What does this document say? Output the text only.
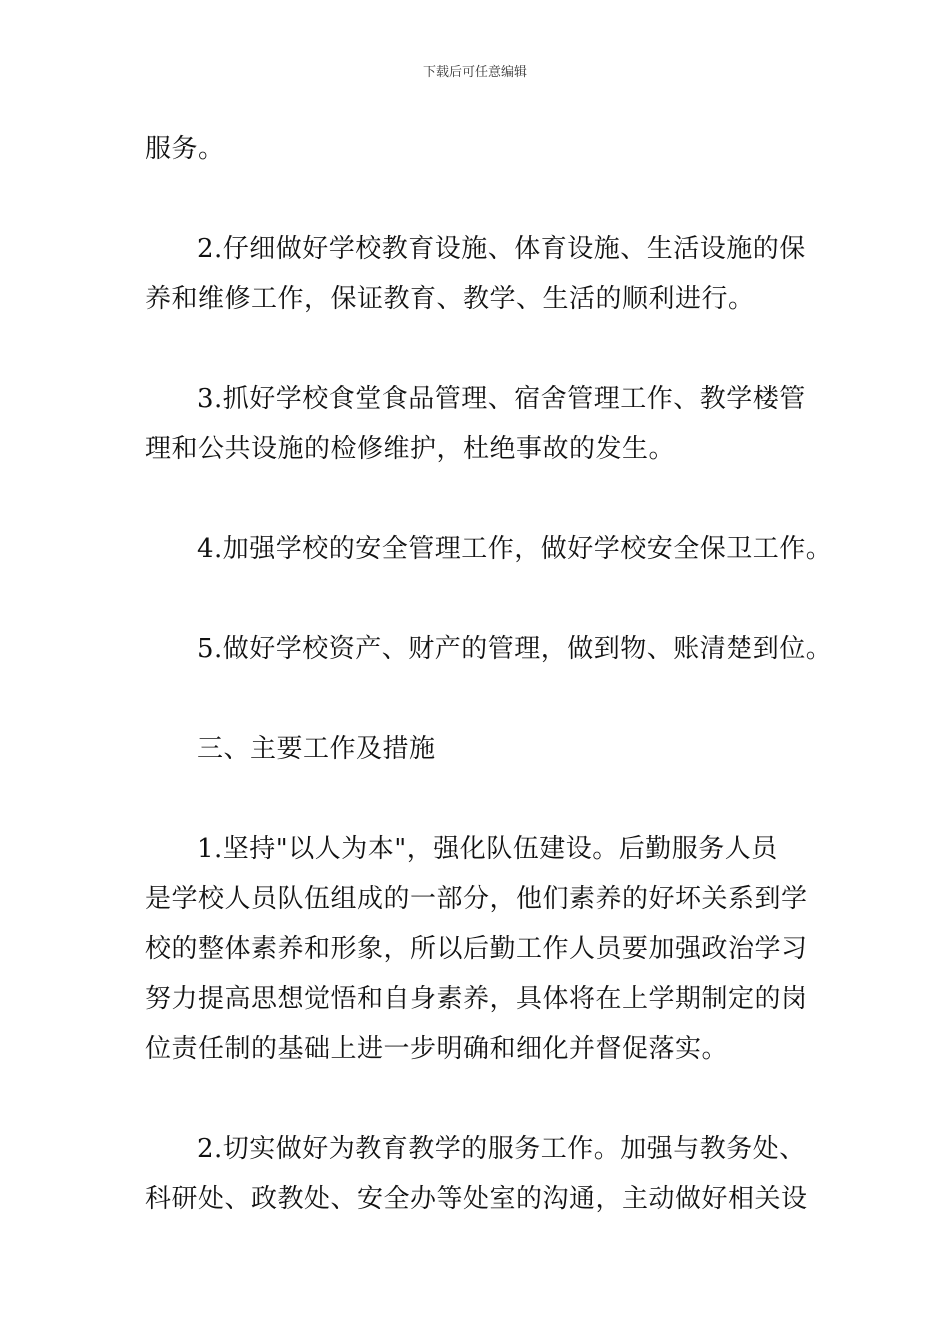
下载后可任意编辑

服务。

2.仔细做好学校教育设施、体育设施、生活设施的保
养和维修工作，保证教育、教学、生活的顺利进行。

3.抓好学校食堂食品管理、宿舍管理工作、教学楼管
理和公共设施的检修维护，杜绝事故的发生。

4.加强学校的安全管理工作，做好学校安全保卫工作。

5.做好学校资产、财产的管理，做到物、账清楚到位。

三、主要工作及措施

1.坚持"以人为本"，强化队伍建设。后勤服务人员
是学校人员队伍组成的一部分，他们素养的好坏关系到学
校的整体素养和形象，所以后勤工作人员要加强政治学习
努力提高思想觉悟和自身素养，具体将在上学期制定的岗
位责任制的基础上进一步明确和细化并督促落实。

2.切实做好为教育教学的服务工作。加强与教务处、
科研处、政教处、安全办等处室的沟通，主动做好相关设
